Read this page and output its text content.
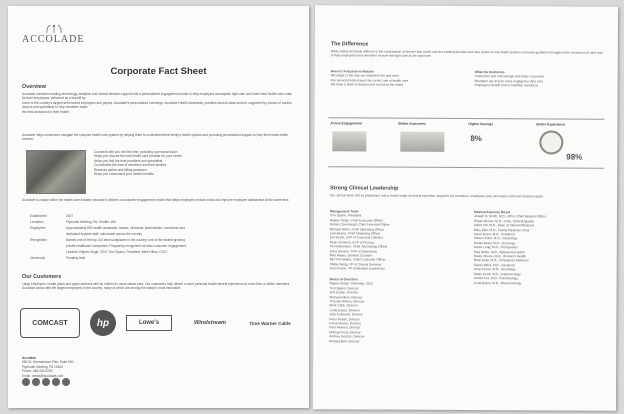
ACCOLADE
Corporate Fact Sheet
Overview
Accolade combines leading technology, analytics and clinical decision support with a personalized engagement model to help employers accomplish right care and lower total health care costs for their employees, delivered as a benefit by
some of the country's largest self-insured employers and payers. Accolade's personalized concierge, Accolade Health Assistants, provides best-of-class service, supported by a team of nurses, doctors and specialists to help members make
the best decisions for their health.
Accolade helps consumers navigate the complex health care system by helping them to understand their family's health options and providing personalized support to help them make better choices.
Connects with you the first time, providing a personal touch
Helps you choose the best health care provider for your needs
Helps you find the best providers and specialists
Coordinates the care of members and their families
Resolves claims and billing questions
Helps you understand your health benefits
Accolade is unique within the health care industry because it delivers a consumer engagement model that helps employers reduce costs and improve employee satisfaction at the same time.
Established	2007
Locations	Plymouth Meeting, PA; Seattle, WA
Employees	Approximately 800 health assistants, nurses, clinicians, pharmacists, executives and
dedicated support staff, nationwide across the country
Recognition	Named one of the top 100 best workplaces in the country; one of the fastest growing
private healthcare companies. Frequently recognized for best consumer engagement.
Leaders: Rajeev Singh, CEO; Tom Spann, President; Mike Hilton, COO.
Ownership	Privately held
Our Customers
Large employers, health plans and payer partners with an interest in value-based care. Our customers help deliver a more personal health benefit experience to more than a million members. Accolade works with the largest employers in the country, many of which are among the nation's most innovative.
COMCAST	hp	Lowe's	Windstream	Time Warner Cable
Accolade
660 W. Germantown Pike, Suite 500
Plymouth Meeting, PA 19462
Phone: 484.530.4100
Email: media@accolade.com
The Difference
What makes Accolade different is the combination of service that works with the existing benefits and care model of any health system to provide guidance throughout the continuum of care and to help employees and members receive the right care at the right time.
How it's Focused on Results
We adapt to the way our members live and work
Our services help ensure the correct use of health care
We have a team of doctors and nurses at the ready
What the Outcomes
Customers see real savings and better outcomes
Members say they're more engaged in their care
Employers benefit from a healthier workforce
Active Engagement	Better Outcomes	Higher Savings
8%
Better Experience
98%
Strong Clinical Leadership
Our clinical team, led by physicians with a broad range of clinical expertise, supports our members, employers and care teams with real medical insight.
Management Team
Tom Spann, President
Rajeev Singh, Chief Executive Officer
Robert Cavanaugh, Chief Financial Officer
Michael Hilton, Chief Operating Officer
Lisa Aikens, Chief Marketing Officer
Eric Acton, EVP of Customer Delivery
Ryan Cisneros, EVP of Product
Ken Robertson, Chief Technology Officer
Erica Hanson, SVP of Operations
Matt Hayes, General Counsel
Ben Fernandez, Chief Customer Officer
Shelly Wang, VP of Clinical Services
Jean Porter, VP of Member Experience
Board of Directors
Rajeev Singh, Chairman, CEO
Tom Spann, Director
Jeff Jordan, Director
Michael Hilton, Director
Thomas Wilson, Director
Mark Clark, Director
Linda Ewers, Director
Jack Kirkwood, Director
Peter Parish, Director
Frank Marino, Director
Paul Reeves, Director
Michael Ford, Director
Andrew Gordon, Director
Richard Bell, Director
Medical Advisory Board
Joseph S. Smith, M.D., MPH, Chief Medical Officer
Robert Brown, M.D., Chair, Clinical Quality
Adam Hill, M.D., Dept. of Internal Medicine
Mary Ellis, M.D., Family Medicine Chair
Laura Grant, M.D., Pediatrics
Steven Price, M.D., Cardiology
Daniel Reed, M.D., Oncology
Karen Long, M.D., Orthopedics
Paul White, M.D., Behavioral Health
Nancy Moore, M.D., Women's Health
Brian Kelly, M.D., Emergency Medicine
Susan Ward, M.D., Geriatrics
Greg Turner, M.D., Neurology
Helen Cook, M.D., Endocrinology
James Fox, M.D., Pulmonology
Linda Bates, M.D., Rheumatology
